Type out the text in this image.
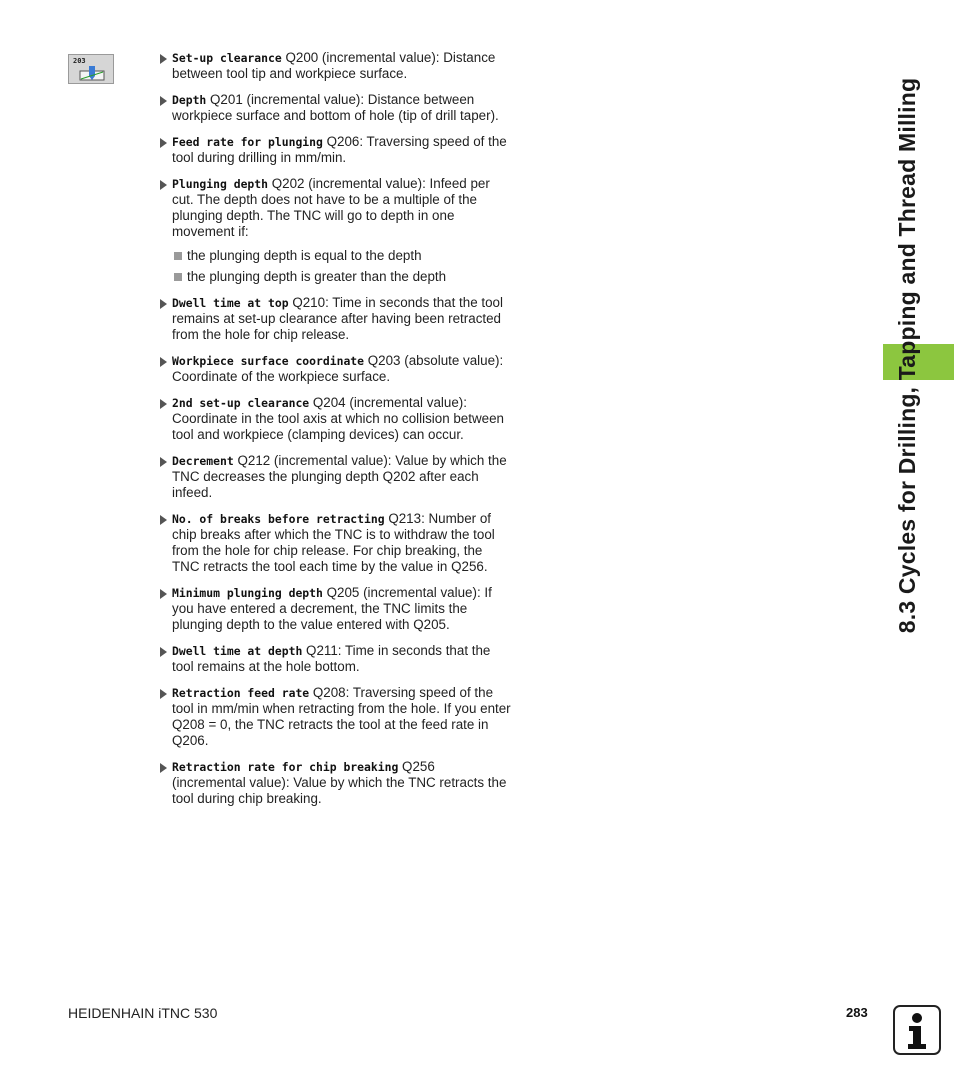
203	Set-up clearance Q200 (incremental value): Distance between tool tip and workpiece surface.
Depth Q201 (incremental value): Distance between workpiece surface and bottom of hole (tip of drill taper).
Feed rate for plunging Q206: Traversing speed of the tool during drilling in mm/min.
Plunging depth Q202 (incremental value): Infeed per cut. The depth does not have to be a multiple of the plunging depth. The TNC will go to depth in one movement if:
the plunging depth is equal to the depth
the plunging depth is greater than the depth
Dwell time at top Q210: Time in seconds that the tool remains at set-up clearance after having been retracted from the hole for chip release.
Workpiece surface coordinate Q203 (absolute value): Coordinate of the workpiece surface.
2nd set-up clearance Q204 (incremental value): Coordinate in the tool axis at which no collision between tool and workpiece (clamping devices) can occur.
Decrement Q212 (incremental value): Value by which the TNC decreases the plunging depth Q202 after each infeed.
No. of breaks before retracting Q213: Number of chip breaks after which the TNC is to withdraw the tool from the hole for chip release. For chip breaking, the TNC retracts the tool each time by the value in Q256.
Minimum plunging depth Q205 (incremental value): If you have entered a decrement, the TNC limits the plunging depth to the value entered with Q205.
Dwell time at depth Q211: Time in seconds that the tool remains at the hole bottom.
Retraction feed rate Q208: Traversing speed of the tool in mm/min when retracting from the hole. If you enter Q208 = 0, the TNC retracts the tool at the feed rate in Q206.
Retraction rate for chip breaking Q256 (incremental value): Value by which the TNC retracts the tool during chip breaking.
8.3 Cycles for Drilling, Tapping and Thread Milling
HEIDENHAIN iTNC 530	283
